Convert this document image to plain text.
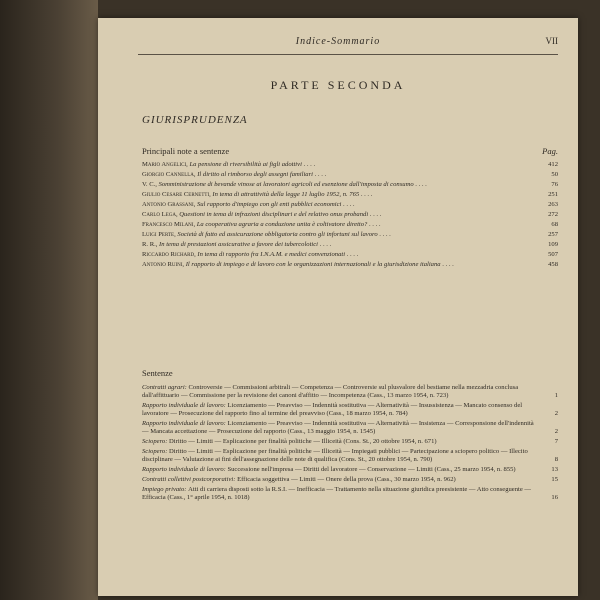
Indice-Sommario	VII
PARTE SECONDA
GIURISPRUDENZA
Principali note a sentenze	Pag.
Mario Angelici, La pensione di riversibilità ai figli adottivi . . . .	412
Giorgio Cannella, Il diritto al rimborso degli assegni familiari . . . .	50
V. C., Somministrazione di bevande vinose ai lavoratori agricoli ed esenzione dall'imposta di consumo . . . .	76
Giulio Cesare Cernetti, In tema di attrattività della legge 11 luglio 1952, n. 765 . . . .	251
Antonio Grassani, Sul rapporto d'impiego con gli enti pubblici economici . . . .	263
Carlo Lega, Questioni in tema di infrazioni disciplinari e del relativo onus probandi . . . .	272
Francesco Milani, La cooperativa agraria a conduzione unita è coltivatore diretto? . . . .	68
Luigi Perte, Società di fatto ed assicurazione obbligatoria contro gli infortuni sul lavoro . . . .	257
R. R., In tema di prestazioni assicurative a favore dei tubercolotici . . . .	109
Riccardo Richard, In tema di rapporto fra I.N.A.M. e medici convenzionati . . . .	507
Antonio Ruini, Il rapporto di impiego e di lavoro con le organizzazioni internazionali e la giurisdizione italiana . . . .	458
Sentenze
Contratti agrari: Controversie — Commissioni arbitrali — Competenza — Controversie sul plusvalore del bestiame nella mezzadria conclusa dall'affittuario — Commissione per la revisione dei canoni d'affitto — Incompetenza (Cass., 13 marzo 1954, n. 723)	1
Rapporto individuale di lavoro: Licenziamento — Preavviso — Indennità sostitutiva — Alternatività — Insussistenza — Mancato consenso del lavoratore — Prosecuzione del rapporto fino al termine del preavviso (Cass., 18 marzo 1954, n. 784)	2
Rapporto individuale di lavoro: Licenziamento — Preavviso — Indennità sostitutiva — Alternatività — Insistenza — Corresponsione dell'indennità — Mancata accettazione — Prosecuzione del rapporto (Cass., 13 maggio 1954, n. 1545)	2
Sciopero: Diritto — Limiti — Esplicazione per finalità politiche — Illiceità (Cons. St., 20 ottobre 1954, n. 671)	7
Sciopero: Diritto — Limiti — Esplicazione per finalità politiche — Illiceità — Impiegati pubblici — Partecipazione a sciopero politico — Illecito disciplinare — Valutazione ai fini dell'assegnazione delle note di qualifica (Cons. St., 20 ottobre 1954, n. 790)	8
Rapporto individuale di lavoro: Successione nell'impresa — Diritti del lavoratore — Conservazione — Limiti (Cass., 25 marzo 1954, n. 855)	13
Contratti collettivi postcorporativi: Efficacia soggettiva — Limiti — Onere della prova (Cass., 30 marzo 1954, n. 962)	15
Impiego privato: Atti di carriera disposti sotto la R.S.I. — Inefficacia — Trattamento nella situazione giuridica preesistente — Atto conseguente — Efficacia (Cass., 1° aprile 1954, n. 1018)	16
